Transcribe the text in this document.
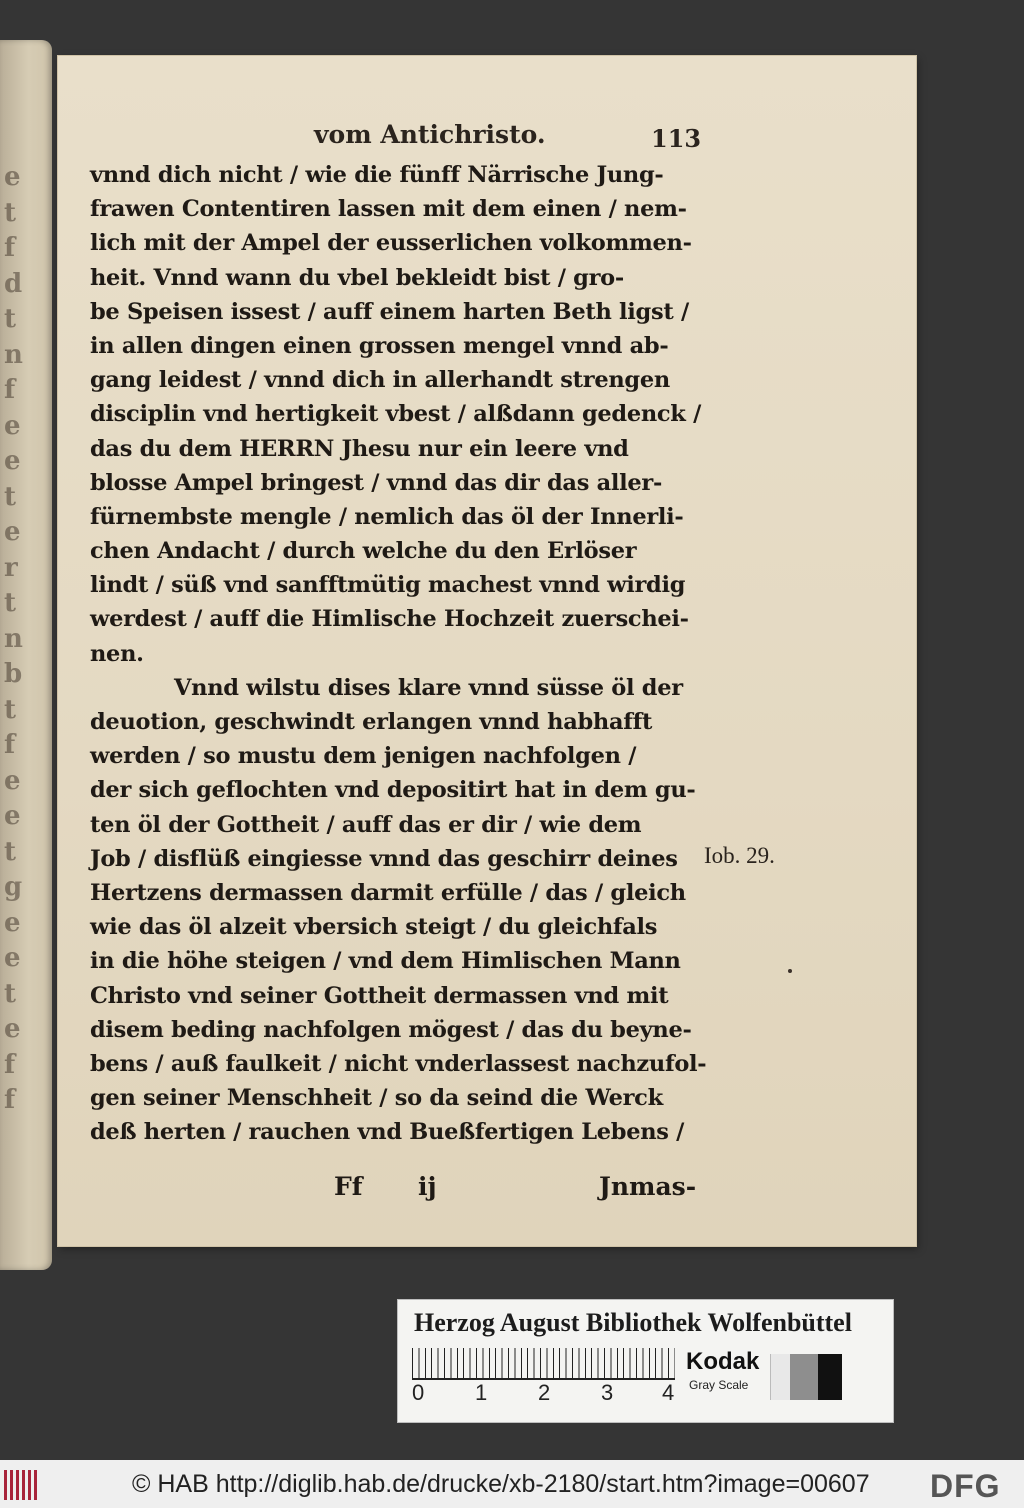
e
t
f
d
t
n
f
e
e
t
e
r
t
n
b
t
f
e
e
t
g
e
e
t
e
f
f
vom Antichristo.	113
vnnd dich nicht / wie die fünff Närrische Jung-
frawen Contentiren lassen mit dem einen / nem-
lich mit der Ampel der eusserlichen volkommen-
heit. Vnnd wann du vbel bekleidt bist / gro-
be Speisen issest / auff einem harten Beth ligst /
in allen dingen einen grossen mengel vnnd ab-
gang leidest / vnnd dich in allerhandt strengen
disciplin vnd hertigkeit vbest / alßdann gedenck /
das du dem HERRN Jhesu nur ein leere vnd
blosse Ampel bringest / vnnd das dir das aller-
fürnembste mengle / nemlich das öl der Innerli-
chen Andacht / durch welche du den Erlöser
lindt / süß vnd sanfftmütig machest vnnd wirdig
werdest / auff die Himlische Hochzeit zuerschei-
nen.
Vnnd wilstu dises klare vnnd süsse öl der
deuotion, geschwindt erlangen vnnd habhafft
werden / so mustu dem jenigen nachfolgen /
der sich geflochten vnd depositirt hat in dem gu-
ten öl der Gottheit / auff das er dir / wie dem
Job / disflüß eingiesse vnnd das geschirr deines
Hertzens dermassen darmit erfülle / das / gleich
wie das öl alzeit vbersich steigt / du gleichfals
in die höhe steigen / vnd dem Himlischen Mann
Christo vnd seiner Gottheit dermassen vnd mit
disem beding nachfolgen mögest / das du beyne-
bens / auß faulkeit / nicht vnderlassest nachzufol-
gen seiner Menschheit / so da seind die Werck
deß herten / rauchen vnd Bueßfertigen Lebens /
Iob. 29.
Ff ij	Jnmas-
Herzog August Bibliothek Wolfenbüttel
0 1 2 3 4
Kodak
Gray Scale
© HAB http://diglib.hab.de/drucke/xb-2180/start.htm?image=00607 DFG
